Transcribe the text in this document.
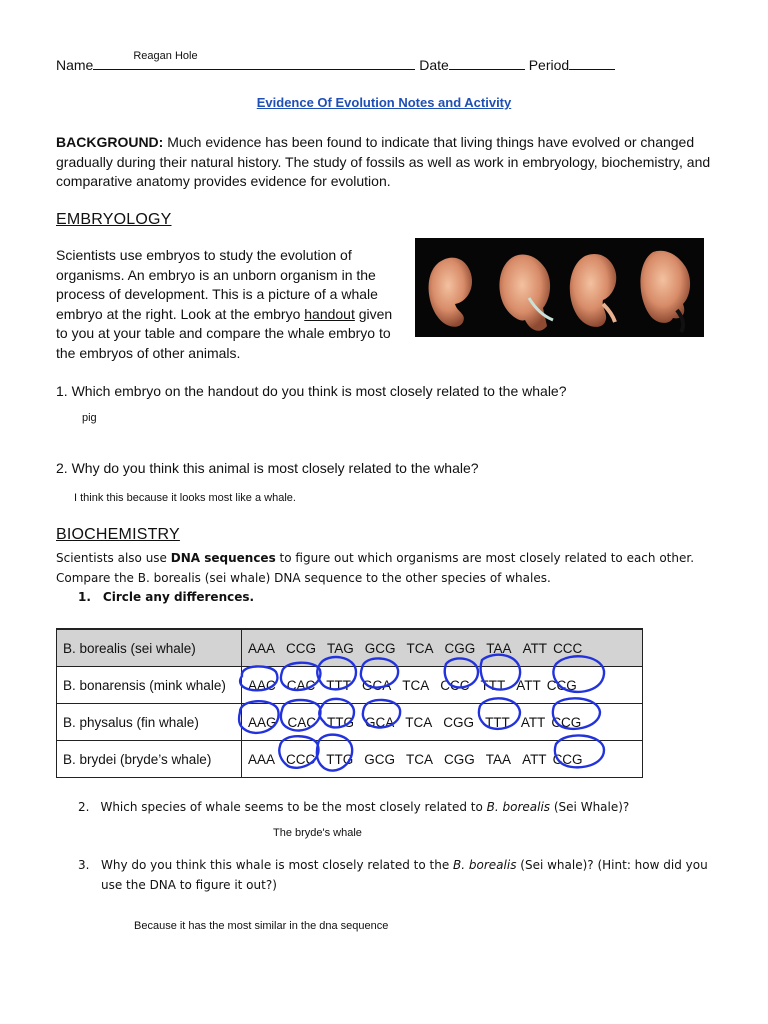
Name
Reagan Hole
Date	Period
Evidence Of Evolution Notes and Activity
BACKGROUND: Much evidence has been found to indicate that living things have evolved or changed gradually during their natural history. The study of fossils as well as work in embryology, biochemistry, and comparative anatomy provides evidence for evolution.
EMBRYOLOGY
Scientists use embryos to study the evolution of organisms. An embryo is an unborn organism in the process of development. This is a picture of a whale embryo at the right. Look at the embryo handout given to you at your table and compare the whale embryo to the embryos of other animals.
1. Which embryo on the handout do you think is most closely related to the whale?
pig
2. Why do you think this animal is most closely related to the whale?
I think this because it looks most like a whale.
BIOCHEMISTRY
Scientists also use DNA sequences to figure out which organisms are most closely related to each other. Compare the B. borealis (sei whale) DNA sequence to the other species of whales.
1. Circle any differences.
B. borealis (sei whale)	AAA CCG TAG GCG TCA CGG TAA ATT CCC
B. bonarensis (mink whale)	AAC CAC TTT GCA TCA CCC TTT ATT CCG
B. physalus (fin whale)	AAG CAC TTG GCA TCA CGG TTT ATT CCG
B. brydei (bryde’s whale)	AAA CCC TTG GCG TCA CGG TAA ATT CCG
2. Which species of whale seems to be the most closely related to B. borealis (Sei Whale)?
The bryde's whale
3. Why do you think this whale is most closely related to the B. borealis (Sei whale)? (Hint: how did you use the DNA to figure it out?)
Because it has the most similar in the dna sequence
